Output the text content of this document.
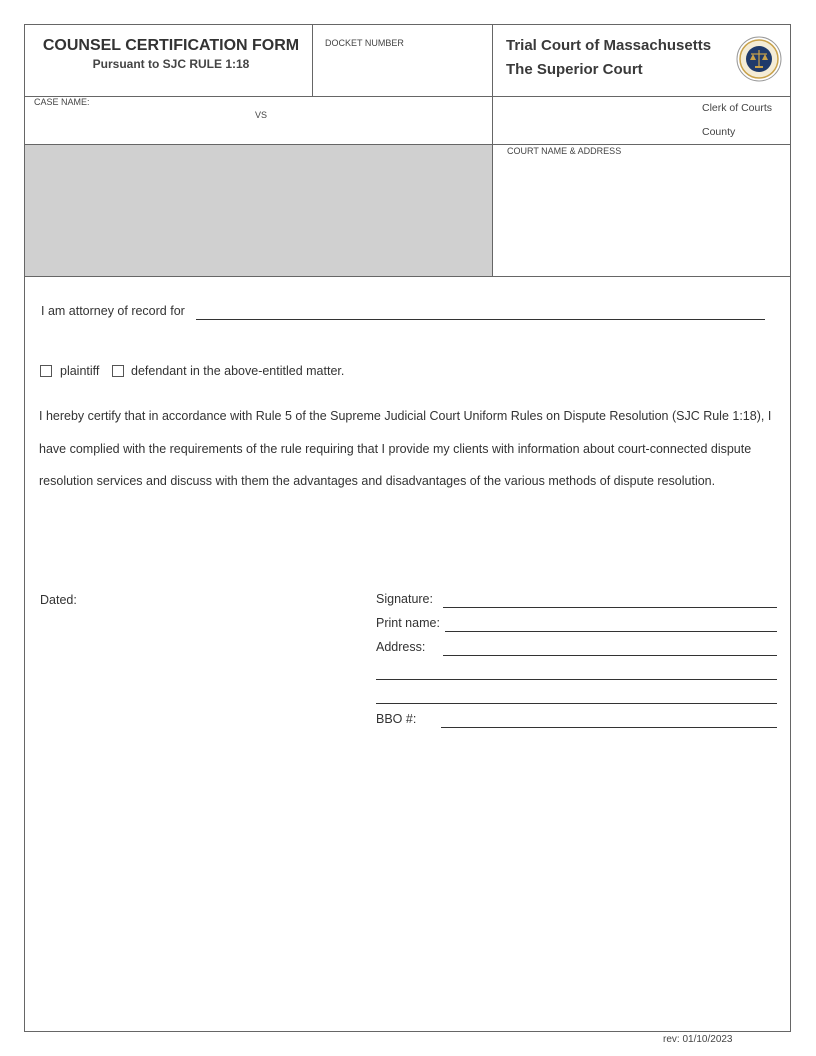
COUNSEL CERTIFICATION FORM
Pursuant to SJC RULE 1:18
DOCKET NUMBER	Trial Court of Massachusetts
The Superior Court
CASE NAME:
VS
Clerk of Courts
County
COURT NAME & ADDRESS
I am attorney of record for
plaintiff	defendant in the above-entitled matter.
I hereby certify that in accordance with Rule 5 of the Supreme Judicial Court Uniform Rules on Dispute Resolution (SJC Rule 1:18), I have complied with the requirements of the rule requiring that I provide my clients with information about court-connected dispute resolution services and discuss with them the advantages and disadvantages of the various methods of dispute resolution.
Dated:	Signature:
Print name:
Address:
BBO #:
rev: 01/10/2023
